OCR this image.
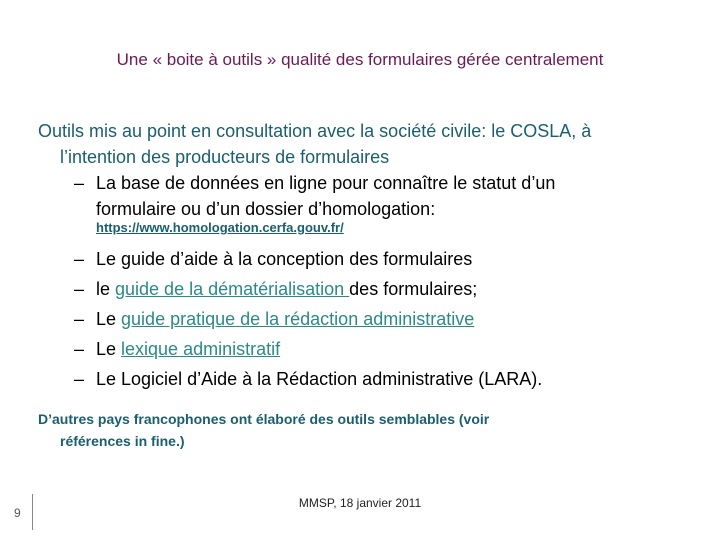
Une « boite à outils » qualité des formulaires gérée centralement
Outils mis au point en consultation avec la société civile: le COSLA, à
l’intention des producteurs de formulaires
– La base de données en ligne pour connaître le statut d’un
formulaire ou d’un dossier d’homologation:
https://www.homologation.cerfa.gouv.fr/
– Le guide d’aide à la conception des formulaires
– le guide de la dématérialisation des formulaires;
– Le guide pratique de la rédaction administrative
– Le lexique administratif
– Le Logiciel d’Aide à la Rédaction administrative (LARA).
D’autres pays francophones ont élaboré des outils semblables (voir
références in fine.)
9
MMSP, 18 janvier 2011
